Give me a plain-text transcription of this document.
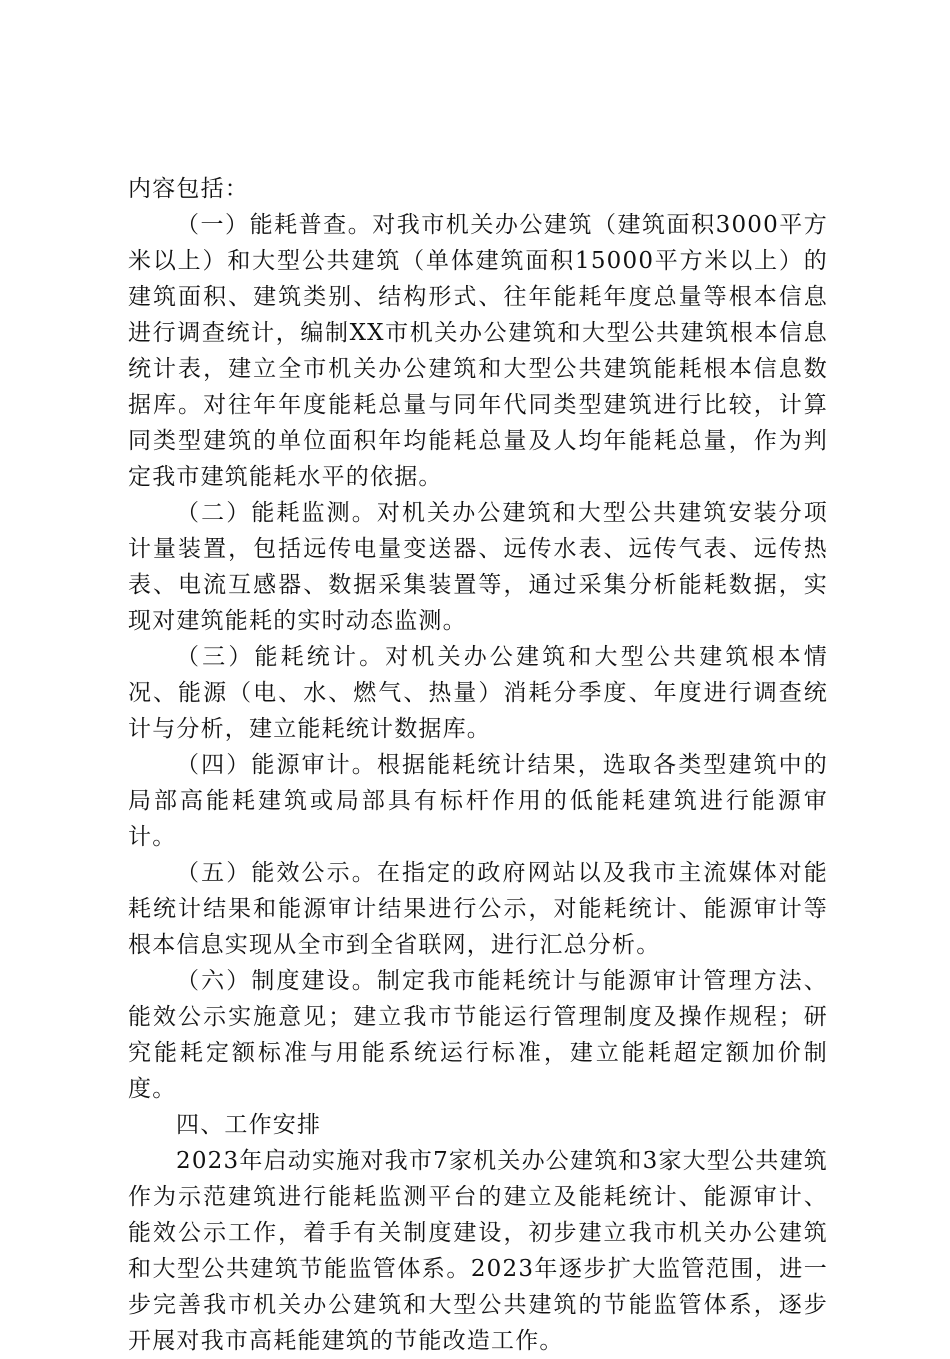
内容包括：

（一）能耗普查。对我市机关办公建筑（建筑面积3000平方米以上）和大型公共建筑（单体建筑面积15000平方米以上）的建筑面积、建筑类别、结构形式、往年能耗年度总量等根本信息进行调查统计，编制XX市机关办公建筑和大型公共建筑根本信息统计表，建立全市机关办公建筑和大型公共建筑能耗根本信息数据库。对往年年度能耗总量与同年代同类型建筑进行比较，计算同类型建筑的单位面积年均能耗总量及人均年能耗总量，作为判定我市建筑能耗水平的依据。

（二）能耗监测。对机关办公建筑和大型公共建筑安装分项计量装置，包括远传电量变送器、远传水表、远传气表、远传热表、电流互感器、数据采集装置等，通过采集分析能耗数据，实现对建筑能耗的实时动态监测。

（三）能耗统计。对机关办公建筑和大型公共建筑根本情况、能源（电、水、燃气、热量）消耗分季度、年度进行调查统计与分析，建立能耗统计数据库。

（四）能源审计。根据能耗统计结果，选取各类型建筑中的局部高能耗建筑或局部具有标杆作用的低能耗建筑进行能源审计。

（五）能效公示。在指定的政府网站以及我市主流媒体对能耗统计结果和能源审计结果进行公示，对能耗统计、能源审计等根本信息实现从全市到全省联网，进行汇总分析。

（六）制度建设。制定我市能耗统计与能源审计管理方法、能效公示实施意见；建立我市节能运行管理制度及操作规程；研究能耗定额标准与用能系统运行标准，建立能耗超定额加价制度。

四、工作安排

2023年启动实施对我市7家机关办公建筑和3家大型公共建筑作为示范建筑进行能耗监测平台的建立及能耗统计、能源审计、能效公示工作，着手有关制度建设，初步建立我市机关办公建筑和大型公共建筑节能监管体系。2023年逐步扩大监管范围，进一步完善我市机关办公建筑和大型公共建筑的节能监管体系，逐步开展对我市高耗能建筑的节能改造工作。
